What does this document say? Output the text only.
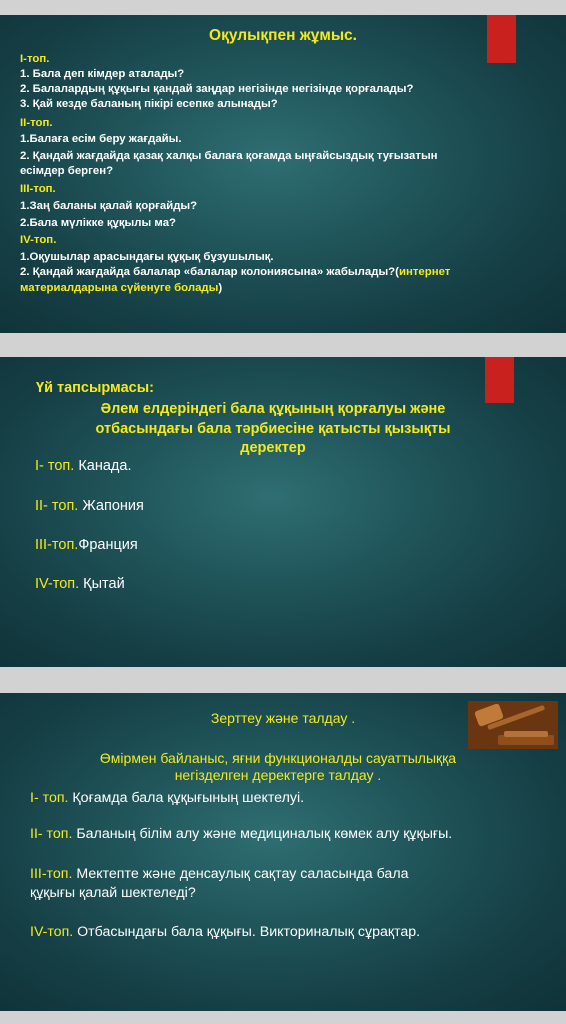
Оқулықпен жұмыс.
І-топ.
1. Бала деп кімдер аталады?
2. Балалардың құқығы қандай заңдар негізінде негізінде қорғалады?
3. Қай кезде баланың пікірі есепке алынады?
ІІ-топ.
1.Балаға есім беру жағдайы.
2. Қандай жағдайда қазақ халқы балаға қоғамда ыңғайсыздық туғызатын
есімдер берген?
ІІІ-топ.
1.Заң баланы қалай қорғайды?
2.Бала мүлікке құқылы ма?
ІV-топ.
1.Оқушылар арасындағы құқық бұзушылық.
2. Қандай жағдайда балалар «балалар колониясына» жабылады?(интернет
материалдарына сүйенуге болады)
Үй тапсырмасы:
Әлем елдеріндегі бала құқының қорғалуы және
отбасындағы бала тәрбиесіне қатысты қызықты
деректер
І- топ. Канада.
ІІ- топ. Жапония
ІІІ-топ.Франция
ІV-топ. Қытай
Зерттеу және талдау .
Өмірмен байланыс, яғни функционалды сауаттылыққа
негізделген деректерге талдау .
І- топ. Қоғамда бала құқығының шектелуі.
ІІ- топ. Баланың білім алу және медициналық көмек алу құқығы.
ІІІ-топ. Мектепте және денсаулық сақтау саласында бала
құқығы қалай шектеледі?
ІV-топ. Отбасындағы бала құқығы. Викториналық сұрақтар.
